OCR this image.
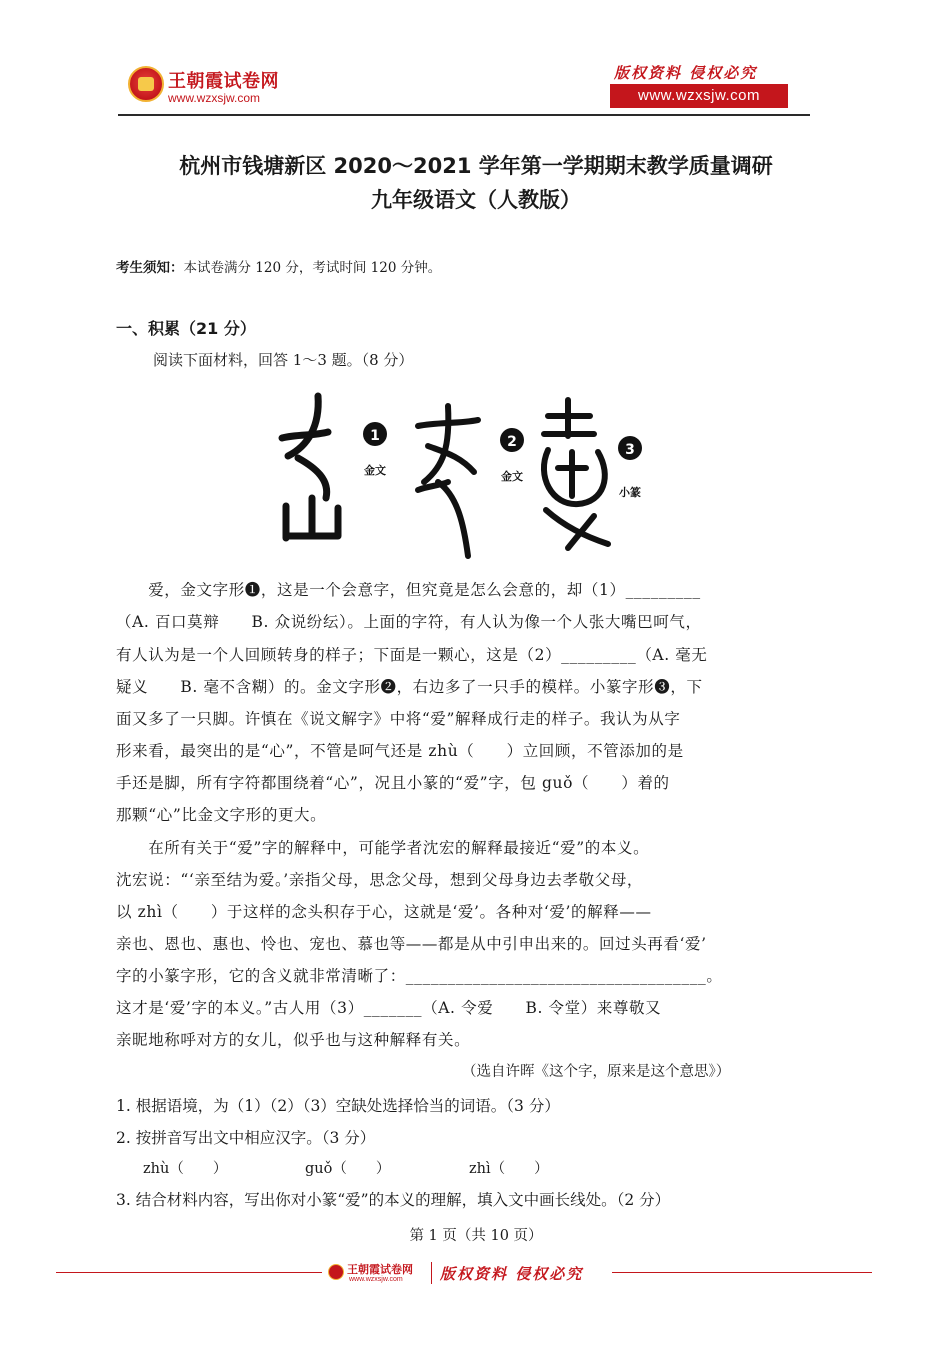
王朝霞试卷网
www.wzxsjw.com
版权资料 侵权必究
www.wzxsjw.com
杭州市钱塘新区 2020～2021 学年第一学期期末教学质量调研
九年级语文（人教版）
考生须知：本试卷满分 120 分，考试时间 120 分钟。
一、积累（21 分）
阅读下面材料，回答 1～3 题。（8 分）
1
金文
2
金文
3
小篆
　　爱，金文字形❶，这是一个会意字，但究竟是怎么会意的，却（1）_________
（A. 百口莫辩　　B. 众说纷纭）。上面的字符，有人认为像一个人张大嘴巴呵气，
有人认为是一个人回顾转身的样子；下面是一颗心，这是（2）_________（A. 毫无
疑义　　B. 毫不含糊）的。金文字形❷，右边多了一只手的模样。小篆字形❸，下
面又多了一只脚。许慎在《说文解字》中将“爱”解释成行走的样子。我认为从字
形来看，最突出的是“心”，不管是呵气还是 zhù（　　）立回顾，不管添加的是
手还是脚，所有字符都围绕着“心”，况且小篆的“爱”字，包 guǒ（　　）着的
那颗“心”比金文字形的更大。
　　在所有关于“爱”字的解释中，可能学者沈宏的解释最接近“爱”的本义。
沈宏说：“‘亲至结为爱。’亲指父母，思念父母，想到父母身边去孝敬父母，
以 zhì（　　）于这样的念头积存于心，这就是‘爱’。各种对‘爱’的解释——
亲也、恩也、惠也、怜也、宠也、慕也等——都是从中引申出来的。回过头再看‘爱’
字的小篆字形，它的含义就非常清晰了：____________________________________。
这才是‘爱’字的本义。”古人用（3）_______（A. 令爱　　B. 令堂）来尊敬又
亲昵地称呼对方的女儿，似乎也与这种解释有关。
（选自许晖《这个字，原来是这个意思》）
1. 根据语境，为（1）（2）（3）空缺处选择恰当的词语。（3 分）
2. 按拼音写出文中相应汉字。（3 分）
zhù（　　）	guǒ（　　）	zhì（　　）
3. 结合材料内容，写出你对小篆“爱”的本义的理解，填入文中画长线处。（2 分）
第 1 页（共 10 页）
王朝霞试卷网
www.wzxsjw.com 版权资料 侵权必究
